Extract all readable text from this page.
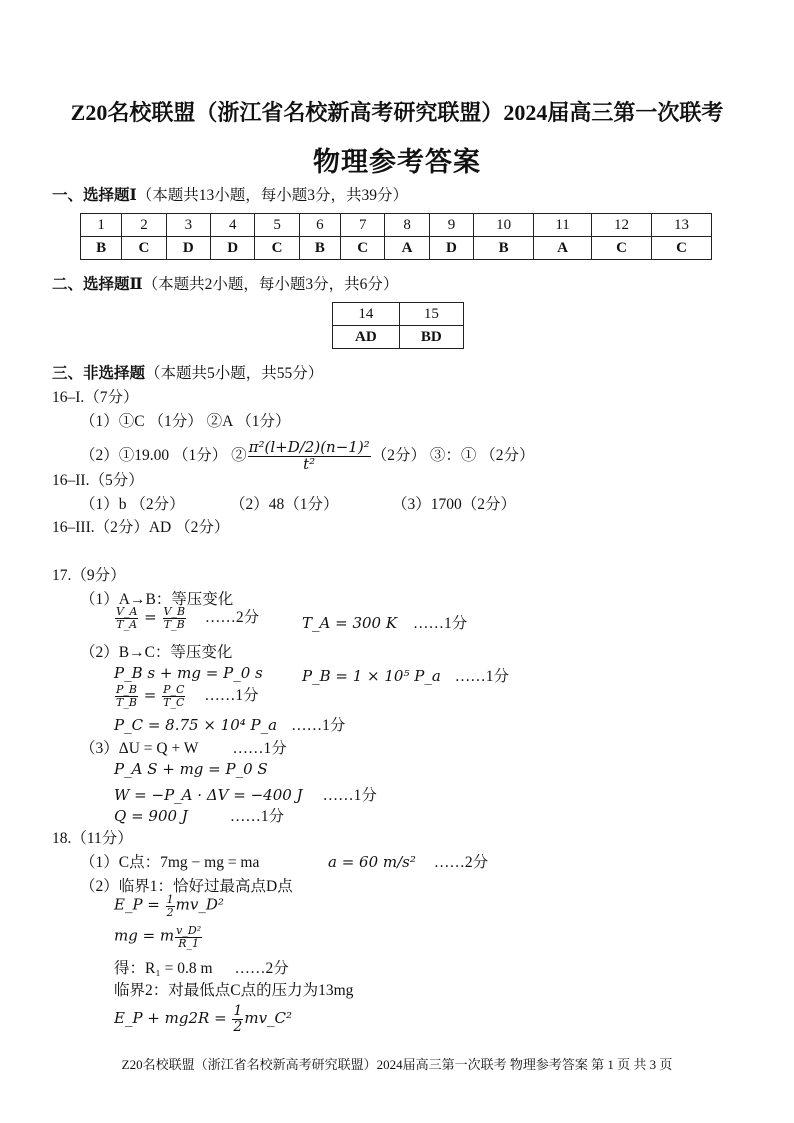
Z20名校联盟（浙江省名校新高考研究联盟）2024届高三第一次联考
物理参考答案
一、选择题Ⅰ（本题共13小题，每小题3分，共39分）
1	2	3	4	5	6	7	8	9	10	11	12	13
B	C	D	D	C	B	C	A	D	B	A	C	C
二、选择题Ⅱ（本题共2小题，每小题3分，共6分）
14	15
AD	BD
三、非选择题（本题共5小题，共55分）
16–I.（7分）
（1）①C （1分） ②A （1分）
（2）①19.00 （1分） ② $\frac{\text{π²(l+D/2)(n−1)²}}{\text{t²}} (2$分） ③：① （2分）
16–II.（5分）
（1）b （2分）	（2）48（1分）	（3）1700（2分）
16–III.（2分）AD （2分）
17.（9分）
（1）A→B：等压变化
$\frac{V\_A}{T\_A} = \frac{V\_B}{T\_B}$ ……2分	T_A = 300 K ……1分
（2）B→C：等压变化
P_B s + mg = P_0 s	P_B = 1 × 10⁵ P_a ……1分
$\frac{P\_B}{T\_B} = \frac{P\_C}{T\_C}$ ……1分
P_C = 8.75 × 10⁴ P_a ……1分
（3）ΔU = Q + W ……1分
P_A S + mg = P_0 S
W = −P_A · ΔV = −400 J ……1分
Q = 900 J	……1分
18.（11分）
（1）C点：7mg − mg = ma	a = 60 m/s² ……2分
（2）临界1：恰好过最高点D点
E_P = $\frac{1}{2}$ mv_D²
mg = m $\frac{\text{v\_D²}}{R\_1}$
得：R₁ = 0.8 m ……2分
临界2：对最低点C点的压力为13mg
E_P + $mg2R = \frac{1}{2}$ mv_C²
Z20名校联盟（浙江省名校新高考研究联盟）2024届高三第一次联考 物理参考答案 第 1 页 共 3 页
